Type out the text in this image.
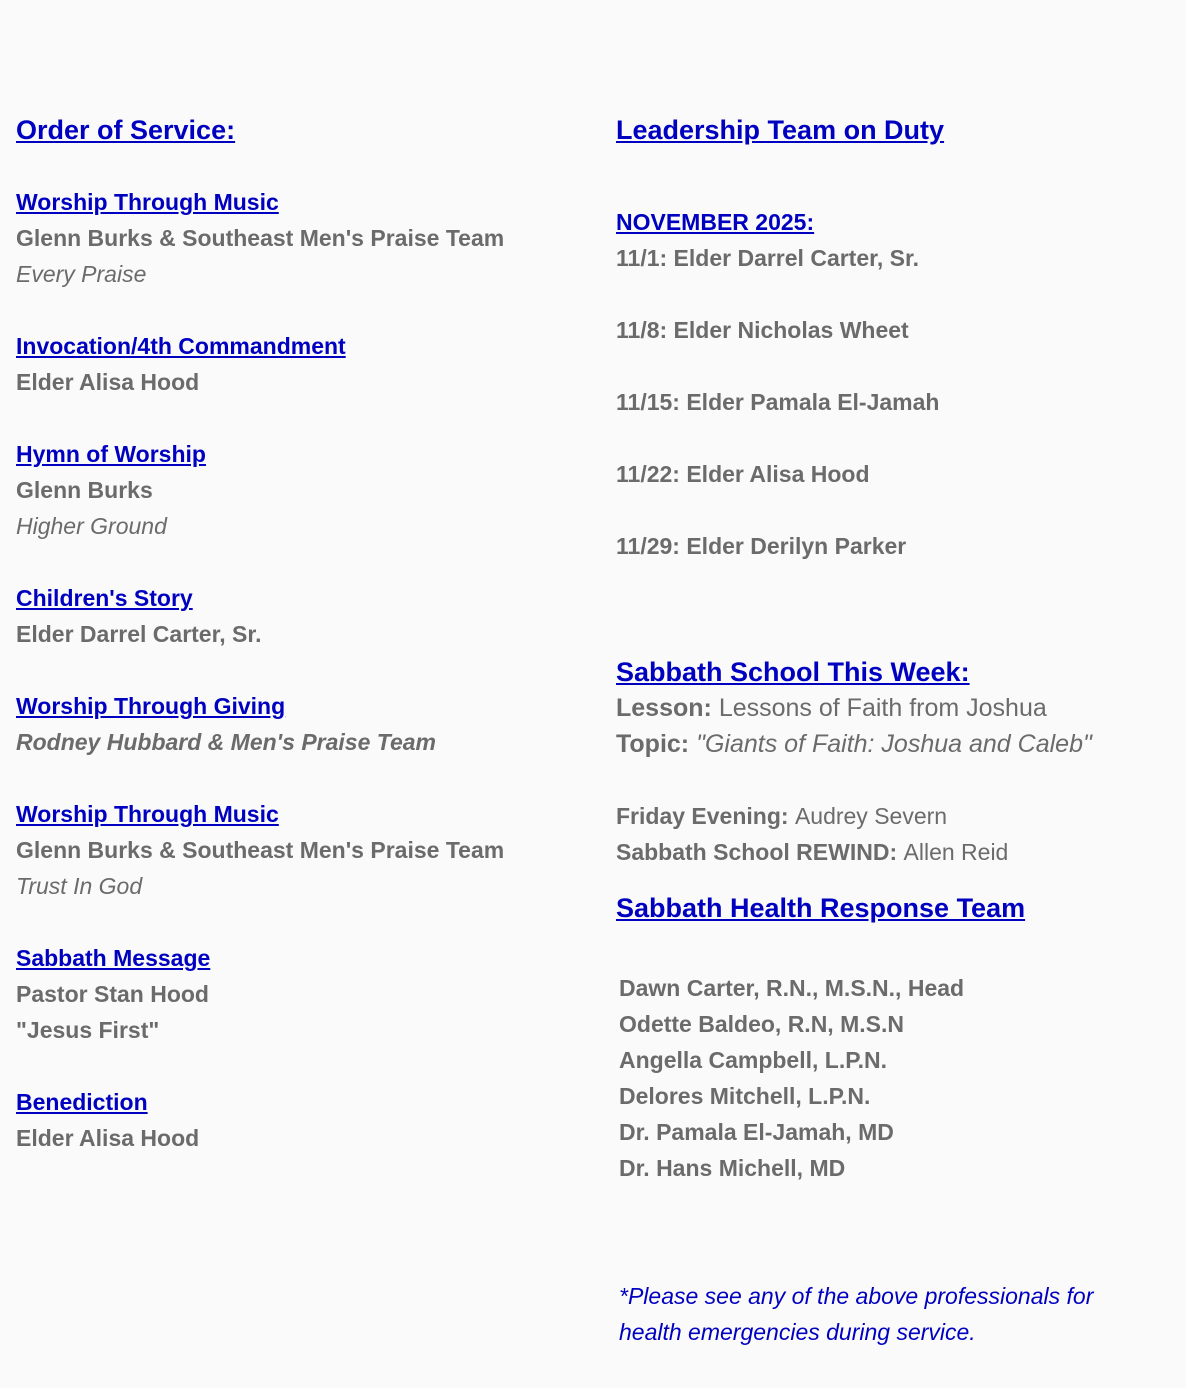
Order of Service:
Worship Through Music
Glenn Burks & Southeast Men's Praise Team
Every Praise
Invocation/4th Commandment
Elder Alisa Hood
Hymn of Worship
Glenn Burks
Higher Ground
Children's Story
Elder Darrel Carter, Sr.
Worship Through Giving
Rodney Hubbard & Men's Praise Team
Worship Through Music
Glenn Burks & Southeast Men's Praise Team
Trust In God
Sabbath Message
Pastor Stan Hood
"Jesus First"
Benediction
Elder Alisa Hood
Leadership Team on Duty
NOVEMBER 2025:
11/1: Elder Darrel Carter, Sr.
11/8: Elder Nicholas Wheet
11/15: Elder Pamala El-Jamah
11/22: Elder Alisa Hood
11/29: Elder Derilyn Parker
Sabbath School This Week:
Lesson: Lessons of Faith from Joshua
Topic: "Giants of Faith: Joshua and Caleb"
Friday Evening: Audrey Severn
Sabbath School REWIND: Allen Reid
Sabbath Health Response Team
Dawn Carter, R.N., M.S.N., Head
Odette Baldeo, R.N, M.S.N
Angella Campbell, L.P.N.
Delores Mitchell, L.P.N.
Dr. Pamala El-Jamah, MD
Dr. Hans Michell, MD
*Please see any of the above professionals for
health emergencies during service.
